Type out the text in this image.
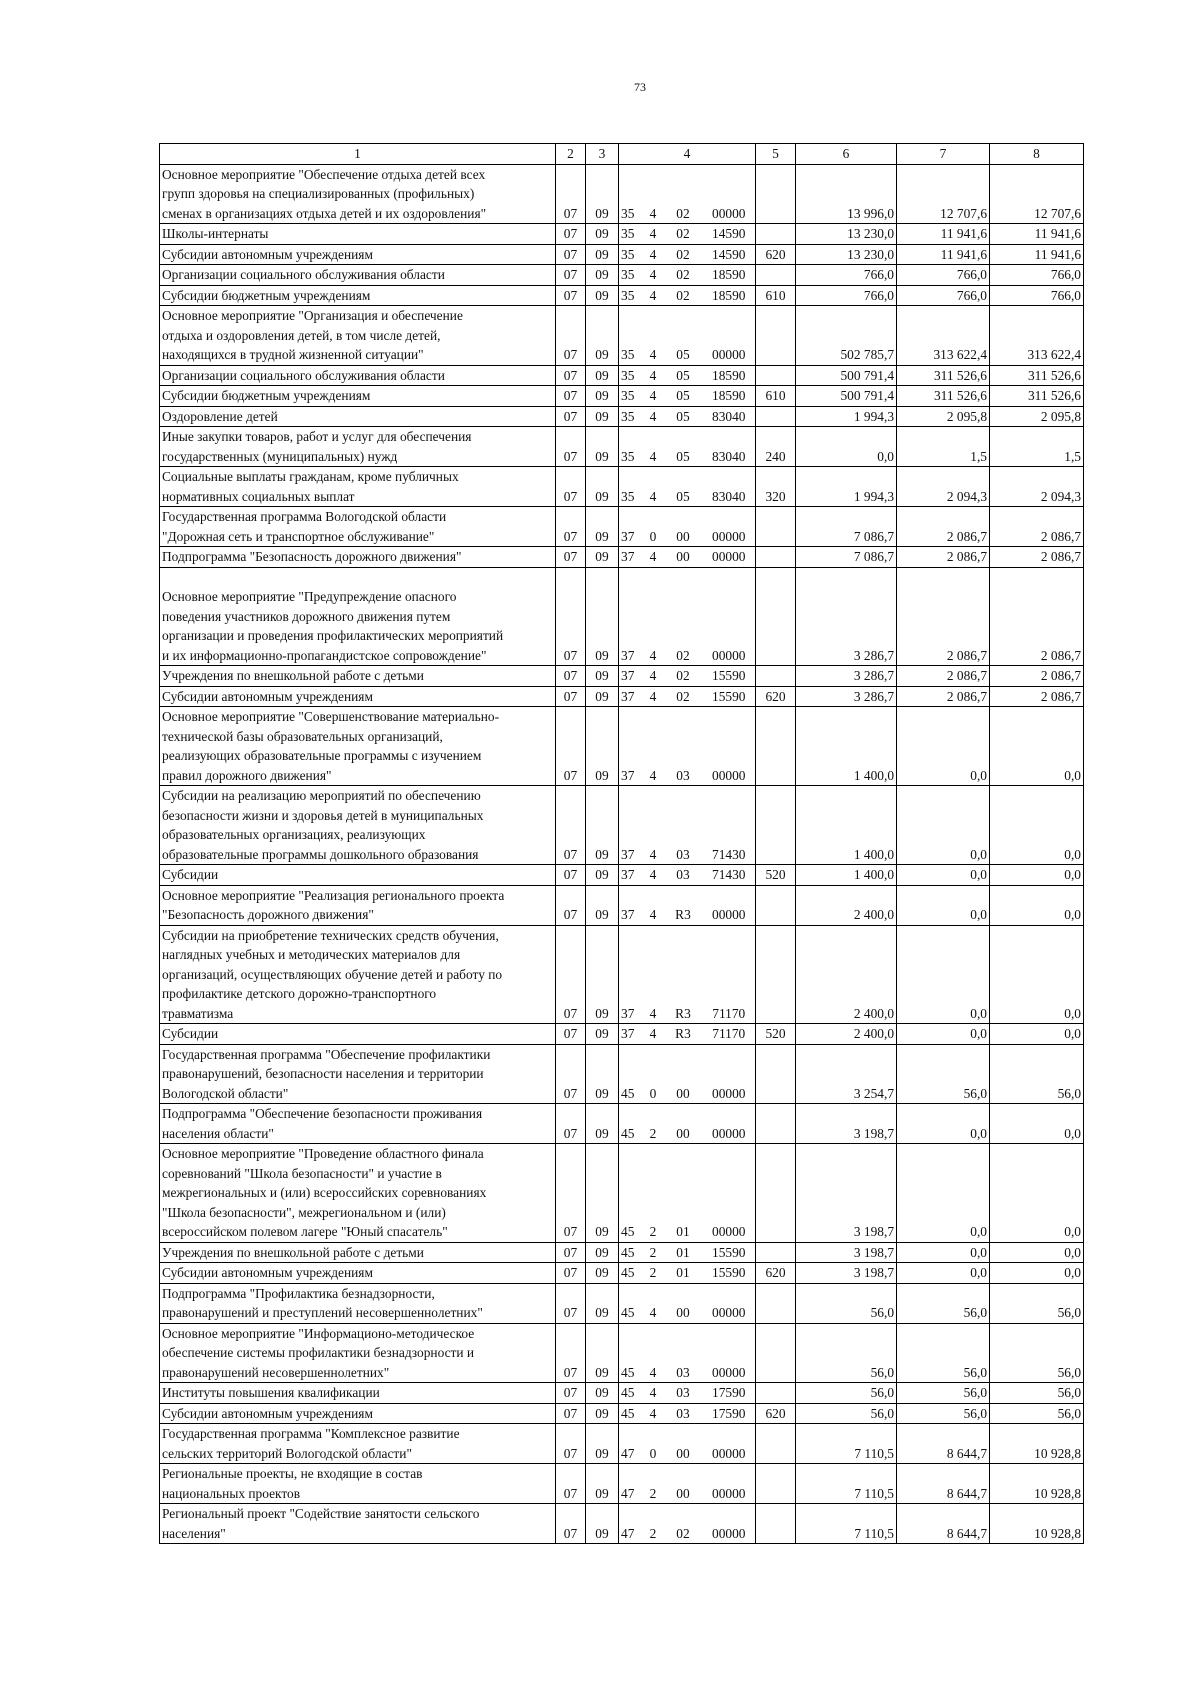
73
1	2	3	4				5	6	7	8
Основное мероприятие "Обеспечение отдыха детей всех
групп здоровья на специализированных (профильных)
сменах в организациях отдыха детей и их оздоровления"	07	09	35	4	02	00000		13 996,0	12 707,6	12 707,6
Школы-интернаты	07	09	35	4	02	14590		13 230,0	11 941,6	11 941,6
Субсидии автономным учреждениям	07	09	35	4	02	14590	620	13 230,0	11 941,6	11 941,6
Организации социального обслуживания области	07	09	35	4	02	18590		766,0	766,0	766,0
Субсидии бюджетным учреждениям	07	09	35	4	02	18590	610	766,0	766,0	766,0
Основное мероприятие "Организация и обеспечение
отдыха и оздоровления детей, в том числе детей,
находящихся в трудной жизненной ситуации"	07	09	35	4	05	00000		502 785,7	313 622,4	313 622,4
Организации социального обслуживания области	07	09	35	4	05	18590		500 791,4	311 526,6	311 526,6
Субсидии бюджетным учреждениям	07	09	35	4	05	18590	610	500 791,4	311 526,6	311 526,6
Оздоровление детей	07	09	35	4	05	83040		1 994,3	2 095,8	2 095,8
Иные закупки товаров, работ и услуг для обеспечения
государственных (муниципальных) нужд	07	09	35	4	05	83040	240	0,0	1,5	1,5
Социальные выплаты гражданам, кроме публичных
нормативных социальных выплат	07	09	35	4	05	83040	320	1 994,3	2 094,3	2 094,3
Государственная программа Вологодской области
"Дорожная сеть и транспортное обслуживание"	07	09	37	0	00	00000		7 086,7	2 086,7	2 086,7
Подпрограмма "Безопасность дорожного движения"	07	09	37	4	00	00000		7 086,7	2 086,7	2 086,7

Основное мероприятие "Предупреждение опасного
поведения участников дорожного движения путем
организации и проведения профилактических мероприятий
и их информационно-пропагандистское сопровождение"	07	09	37	4	02	00000		3 286,7	2 086,7	2 086,7
Учреждения по внешкольной работе с детьми	07	09	37	4	02	15590		3 286,7	2 086,7	2 086,7
Субсидии автономным учреждениям	07	09	37	4	02	15590	620	3 286,7	2 086,7	2 086,7
Основное мероприятие "Совершенствование материально-
технической базы образовательных организаций,
реализующих образовательные программы с изучением
правил дорожного движения"	07	09	37	4	03	00000		1 400,0	0,0	0,0
Субсидии на реализацию мероприятий по обеспечению
безопасности жизни и здоровья детей в муниципальных
образовательных организациях, реализующих
образовательные программы дошкольного образования	07	09	37	4	03	71430		1 400,0	0,0	0,0
Субсидии	07	09	37	4	03	71430	520	1 400,0	0,0	0,0
Основное мероприятие "Реализация регионального проекта
"Безопасность дорожного движения"	07	09	37	4	R3	00000		2 400,0	0,0	0,0
Субсидии на приобретение технических средств обучения,
наглядных учебных и методических материалов для
организаций, осуществляющих обучение детей и работу по
профилактике детского дорожно-транспортного
травматизма	07	09	37	4	R3	71170		2 400,0	0,0	0,0
Субсидии	07	09	37	4	R3	71170	520	2 400,0	0,0	0,0
Государственная программа "Обеспечение профилактики
правонарушений, безопасности населения и территории
Вологодской области"	07	09	45	0	00	00000		3 254,7	56,0	56,0
Подпрограмма "Обеспечение безопасности проживания
населения области"	07	09	45	2	00	00000		3 198,7	0,0	0,0
Основное мероприятие "Проведение областного финала
соревнований "Школа безопасности" и участие в
межрегиональных и (или) всероссийских соревнованиях
"Школа безопасности", межрегиональном и (или)
всероссийском полевом лагере "Юный спасатель"	07	09	45	2	01	00000		3 198,7	0,0	0,0
Учреждения по внешкольной работе с детьми	07	09	45	2	01	15590		3 198,7	0,0	0,0
Субсидии автономным учреждениям	07	09	45	2	01	15590	620	3 198,7	0,0	0,0
Подпрограмма "Профилактика безнадзорности,
правонарушений и преступлений несовершеннолетних"	07	09	45	4	00	00000		56,0	56,0	56,0
Основное мероприятие "Информационо-методическое
обеспечение системы профилактики безнадзорности и
правонарушений несовершеннолетних"	07	09	45	4	03	00000		56,0	56,0	56,0
Институты повышения квалификации	07	09	45	4	03	17590		56,0	56,0	56,0
Субсидии автономным учреждениям	07	09	45	4	03	17590	620	56,0	56,0	56,0
Государственная программа "Комплексное развитие
сельских территорий Вологодской области"	07	09	47	0	00	00000		7 110,5	8 644,7	10 928,8
Региональные проекты, не входящие в состав
национальных проектов	07	09	47	2	00	00000		7 110,5	8 644,7	10 928,8
Региональный проект "Содействие занятости сельского
населения"	07	09	47	2	02	00000		7 110,5	8 644,7	10 928,8
